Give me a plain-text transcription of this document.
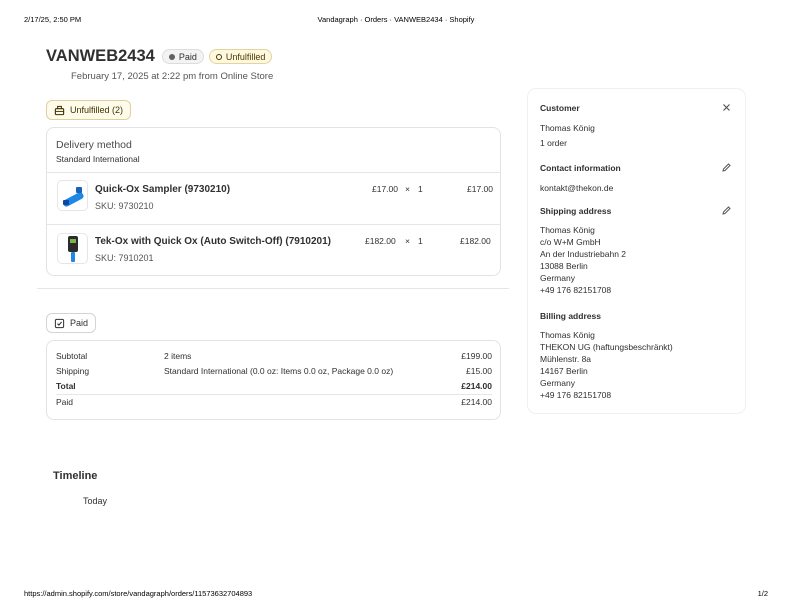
2/17/25, 2:50 PM	Vandagraph · Orders · VANWEB2434 · Shopify
VANWEB2434	Paid	Unfulfilled
February 17, 2025 at 2:22 pm from Online Store
Unfulfilled (2)
Delivery method
Standard International
Quick-Ox Sampler (9730210)
SKU: 9730210
£17.00 × 1	£17.00
Tek-Ox with Quick Ox (Auto Switch-Off) (7910201)
SKU: 7910201
£182.00 × 1	£182.00
Paid
Subtotal	2 items	£199.00
Shipping	Standard International (0.0 oz: Items 0.0 oz, Package 0.0 oz)	£15.00
Total	£214.00
Paid	£214.00
Timeline
Today
Customer
Thomas König
1 order
Contact information
kontakt@thekon.de
Shipping address
Thomas König
c/o W+M GmbH
An der Industriebahn 2
13088 Berlin
Germany
+49 176 82151708
Billing address
Thomas König
THEKON UG (haftungsbeschränkt)
Mühlenstr. 8a
14167 Berlin
Germany
+49 176 82151708
https://admin.shopify.com/store/vandagraph/orders/11573632704893	1/2
